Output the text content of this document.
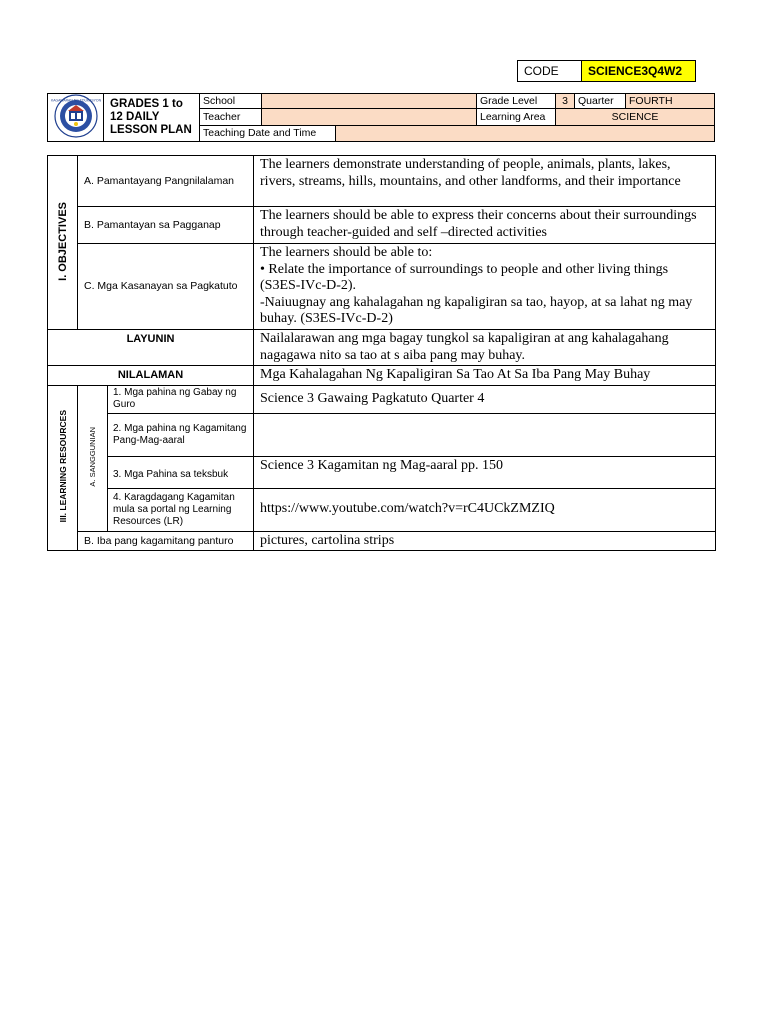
CODE	SCIENCE3Q4W2
KAGAWARAN NG EDUKASYON	GRADES 1 to
12 DAILY
LESSON PLAN	School			Grade Level	3	Quarter	FOURTH
		Teacher			Learning Area	SCIENCE		
		Teaching Date and Time						
I. OBJECTIVES	A. Pamantayang Pangnilalaman		The learners demonstrate understanding of people, animals, plants, lakes, rivers, streams, hills, mountains, and other landforms, and their importance
	B. Pamantayan sa Pagganap		The learners should be able to express their concerns about their surroundings through teacher-guided and self –directed activities
	C. Mga Kasanayan sa Pagkatuto		The learners should be able to:
• Relate the importance of surroundings to people and other living things (S3ES-IVc-D-2).
-Naiuugnay ang kahalagahan ng kapaligiran sa tao, hayop, at sa lahat ng may buhay. (S3ES-IVc-D-2)

LAYUNIN			Nailalarawan ang mga bagay tungkol sa kapaligiran at ang kahalagahang nagagawa nito sa tao at s aiba pang may buhay.
NILALAMAN			Mga Kahalagahan Ng Kapaligiran Sa Tao At Sa Iba Pang May Buhay
III. LEARNING RESOURCES	A. SANGGUNIAN	1. Mga pahina ng Gabay ng Guro	Science 3 Gawaing Pagkatuto Quarter 4
		2. Mga pahina ng Kagamitang Pang-Mag-aaral	
		3. Mga Pahina sa teksbuk	Science 3 Kagamitan ng Mag-aaral pp. 150
		4. Karagdagang Kagamitan mula sa portal ng Learning Resources (LR)	https://www.youtube.com/watch?v=rC4UCkZMZIQ
	B. Iba pang kagamitang panturo		pictures, cartolina strips
